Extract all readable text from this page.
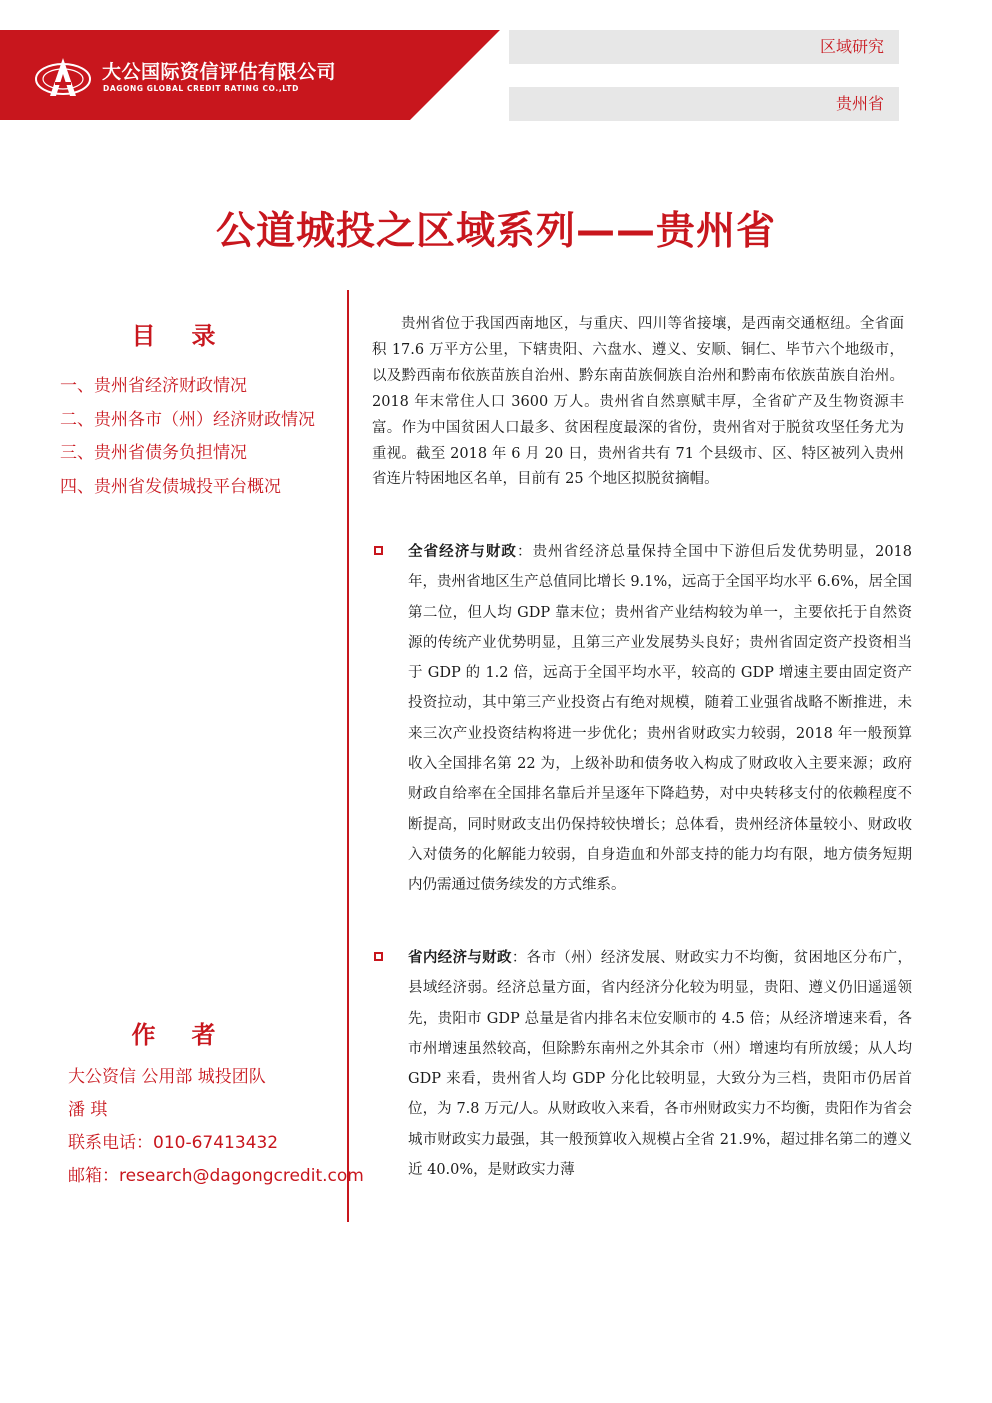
大公国际资信评估有限公司
DAGONG GLOBAL CREDIT RATING CO.,LTD
区域研究
贵州省
公道城投之区域系列——贵州省
目录
一、贵州省经济财政情况
二、贵州各市（州）经济财政情况
三、贵州省债务负担情况
四、贵州省发债城投平台概况
作者
大公资信 公用部 城投团队
潘 琪
联系电话：010-67413432
邮箱：research@dagongcredit.com
贵州省位于我国西南地区，与重庆、四川等省接壤，是西南交通枢纽。全省面积 17.6 万平方公里，下辖贵阳、六盘水、遵义、安顺、铜仁、毕节六个地级市，以及黔西南布依族苗族自治州、黔东南苗族侗族自治州和黔南布依族苗族自治州。2018 年末常住人口 3600 万人。贵州省自然禀赋丰厚，全省矿产及生物资源丰富。作为中国贫困人口最多、贫困程度最深的省份，贵州省对于脱贫攻坚任务尤为重视。截至 2018 年 6 月 20 日，贵州省共有 71 个县级市、区、特区被列入贵州省连片特困地区名单，目前有 25 个地区拟脱贫摘帽。
全省经济与财政：贵州省经济总量保持全国中下游但后发优势明显，2018 年，贵州省地区生产总值同比增长 9.1%，远高于全国平均水平 6.6%，居全国第二位，但人均 GDP 靠末位；贵州省产业结构较为单一，主要依托于自然资源的传统产业优势明显，且第三产业发展势头良好；贵州省固定资产投资相当于 GDP 的 1.2 倍，远高于全国平均水平，较高的 GDP 增速主要由固定资产投资拉动，其中第三产业投资占有绝对规模，随着工业强省战略不断推进，未来三次产业投资结构将进一步优化；贵州省财政实力较弱，2018 年一般预算收入全国排名第 22 为，上级补助和债务收入构成了财政收入主要来源；政府财政自给率在全国排名靠后并呈逐年下降趋势，对中央转移支付的依赖程度不断提高，同时财政支出仍保持较快增长；总体看，贵州经济体量较小、财政收入对债务的化解能力较弱，自身造血和外部支持的能力均有限，地方债务短期内仍需通过债务续发的方式维系。
省内经济与财政：各市（州）经济发展、财政实力不均衡，贫困地区分布广，县域经济弱。经济总量方面，省内经济分化较为明显，贵阳、遵义仍旧遥遥领先，贵阳市 GDP 总量是省内排名末位安顺市的 4.5 倍；从经济增速来看，各市州增速虽然较高，但除黔东南州之外其余市（州）增速均有所放缓；从人均 GDP 来看，贵州省人均 GDP 分化比较明显，大致分为三档，贵阳市仍居首位，为 7.8 万元/人。从财政收入来看，各市州财政实力不均衡，贵阳作为省会城市财政实力最强，其一般预算收入规模占全省 21.9%，超过排名第二的遵义近 40.0%，是财政实力薄
